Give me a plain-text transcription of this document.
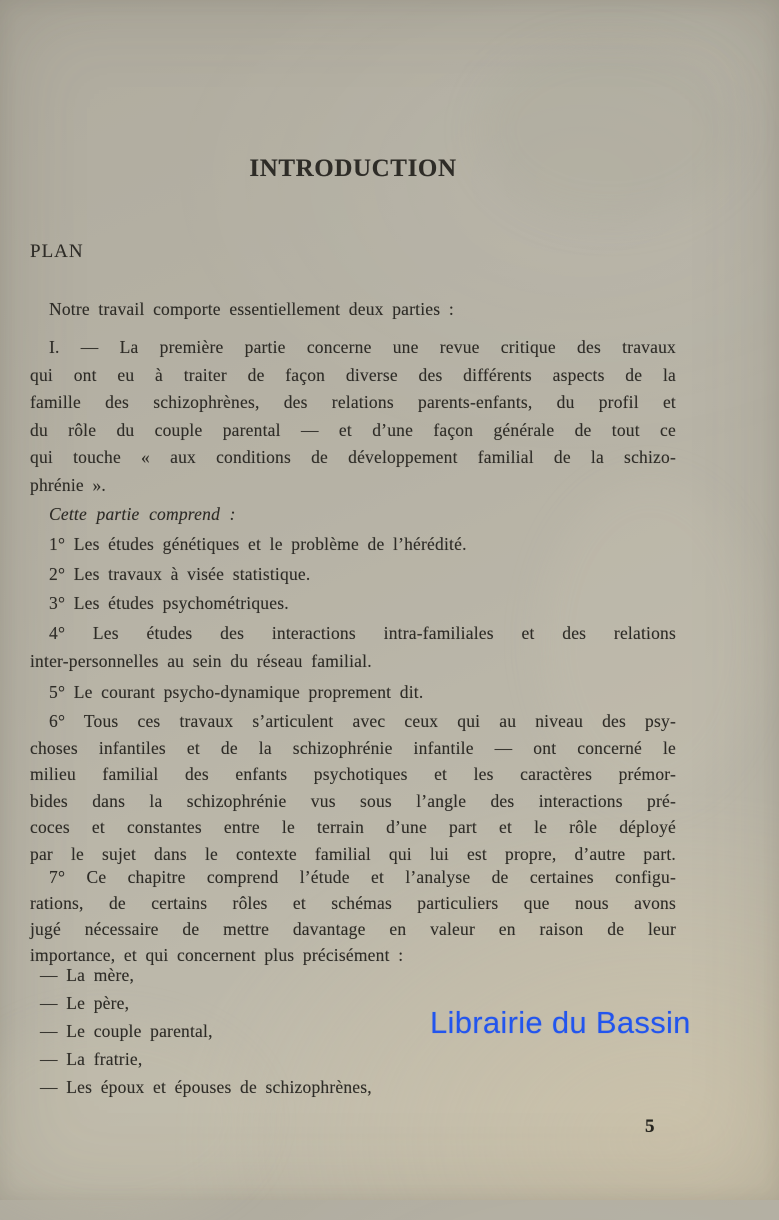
INTRODUCTION
PLAN
Notre travail comporte essentiellement deux parties :
I. — La première partie concerne une revue critique des travaux
qui ont eu à traiter de façon diverse des différents aspects de la
famille des schizophrènes, des relations parents-enfants, du profil et
du rôle du couple parental — et d’une façon générale de tout ce
qui touche « aux conditions de développement familial de la schizo-
phrénie ».
Cette partie comprend :
1° Les études génétiques et le problème de l’hérédité.
2° Les travaux à visée statistique.
3° Les études psychométriques.
4° Les études des interactions intra-familiales et des relations
inter-personnelles au sein du réseau familial.
5° Le courant psycho-dynamique proprement dit.
6° Tous ces travaux s’articulent avec ceux qui au niveau des psy-
choses infantiles et de la schizophrénie infantile — ont concerné le
milieu familial des enfants psychotiques et les caractères prémor-
bides dans la schizophrénie vus sous l’angle des interactions pré-
coces et constantes entre le terrain d’une part et le rôle déployé
par le sujet dans le contexte familial qui lui est propre, d’autre part.
7° Ce chapitre comprend l’étude et l’analyse de certaines configu-
rations, de certains rôles et schémas particuliers que nous avons
jugé nécessaire de mettre davantage en valeur en raison de leur
importance, et qui concernent plus précisément :
— La mère,
— Le père,
— Le couple parental,
— La fratrie,
— Les époux et épouses de schizophrènes,
Librairie du Bassin
5
